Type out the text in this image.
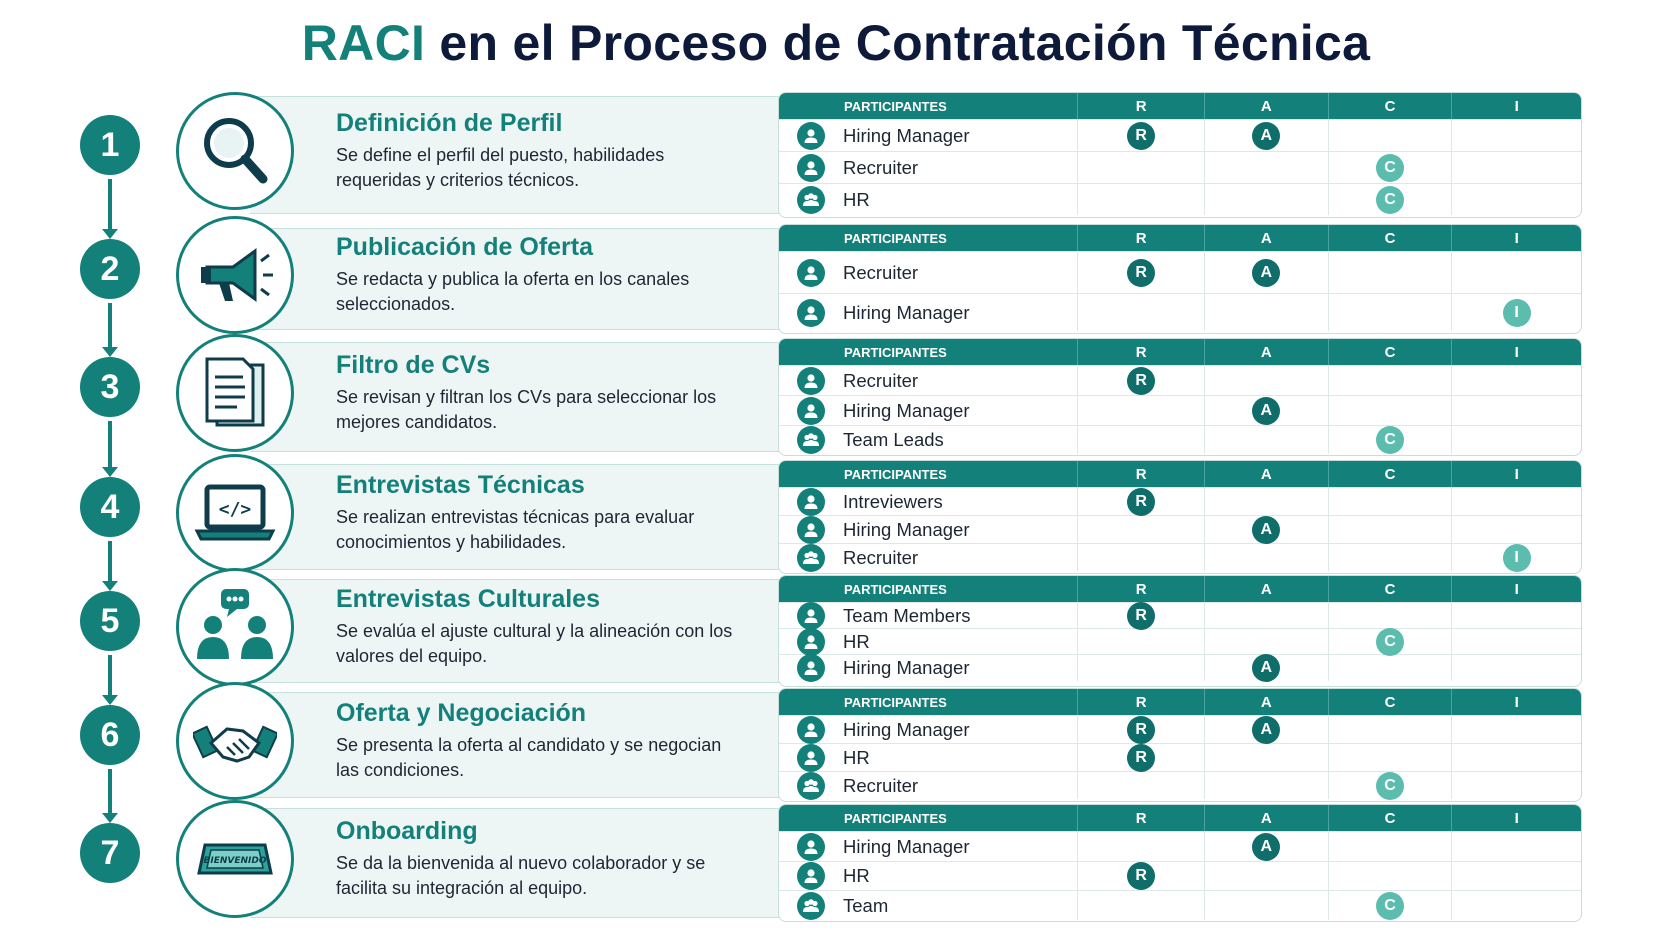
RACI en el Proceso de Contratación Técnica
1
Definición de Perfil
Se define el perfil del puesto, habilidades requeridas y criterios técnicos.
PARTICIPANTES	R	A	C	I
Hiring Manager	R	A
Recruiter	C
HR	C
2
Publicación de Oferta
Se redacta y publica la oferta en los canales seleccionados.
PARTICIPANTES	R	A	C	I
Recruiter	R	A
Hiring Manager	I
3
Filtro de CVs
Se revisan y filtran los CVs para seleccionar los mejores candidatos.
PARTICIPANTES	R	A	C	I
Recruiter	R
Hiring Manager	A
Team Leads	C
4	</>
Entrevistas Técnicas
Se realizan entrevistas técnicas para evaluar conocimientos y habilidades.
PARTICIPANTES	R	A	C	I
Intreviewers	R
Hiring Manager	A
Recruiter	I
5
Entrevistas Culturales
Se evalúa el ajuste cultural y la alineación con los valores del equipo.
PARTICIPANTES	R	A	C	I
Team Members	R
HR	C
Hiring Manager	A
6
Oferta y Negociación
Se presenta la oferta al candidato y se negocian las condiciones.
PARTICIPANTES	R	A	C	I
Hiring Manager	R	A
HR	R
Recruiter	C
7	BIENVENIDO
Onboarding
Se da la bienvenida al nuevo colaborador y se facilita su integración al equipo.
PARTICIPANTES	R	A	C	I
Hiring Manager	A
HR	R
Team	C
